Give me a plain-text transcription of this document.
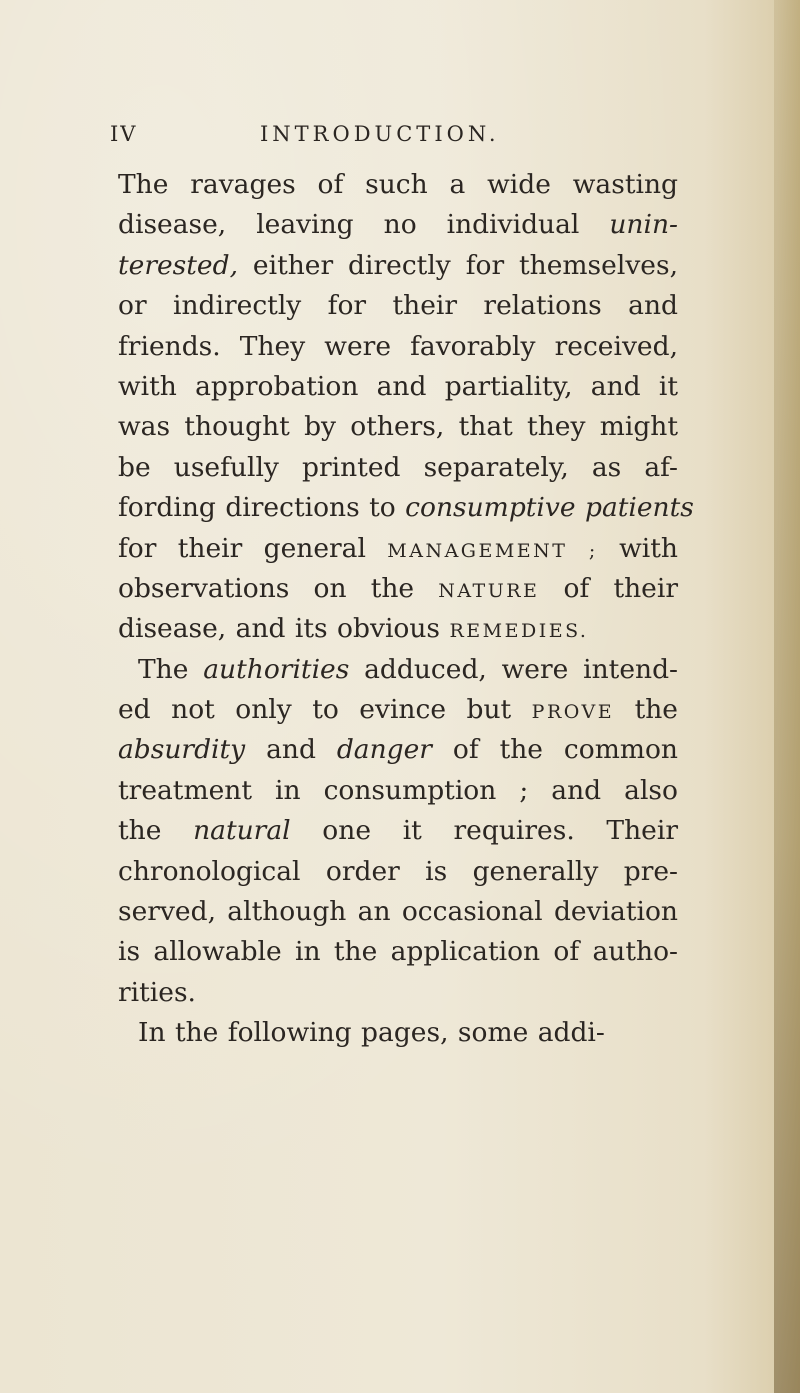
IV	INTRODUCTION.
The ravages of such a wide wasting
disease, leaving no individual unin-
terested, either directly for themselves,
or indirectly for their relations and
friends. They were favorably received,
with approbation and partiality, and it
was thought by others, that they might
be usefully printed separately, as af-
fording directions to consumptive patients
for their general MANAGEMENT ; with
observations on the NATURE of their
disease, and its obvious REMEDIES.
The authorities adduced, were intend-
ed not only to evince but PROVE the
absurdity and danger of the common
treatment in consumption ; and also
the natural one it requires. Their
chronological order is generally pre-
served, although an occasional deviation
is allowable in the application of autho-
rities.
In the following pages, some addi-
